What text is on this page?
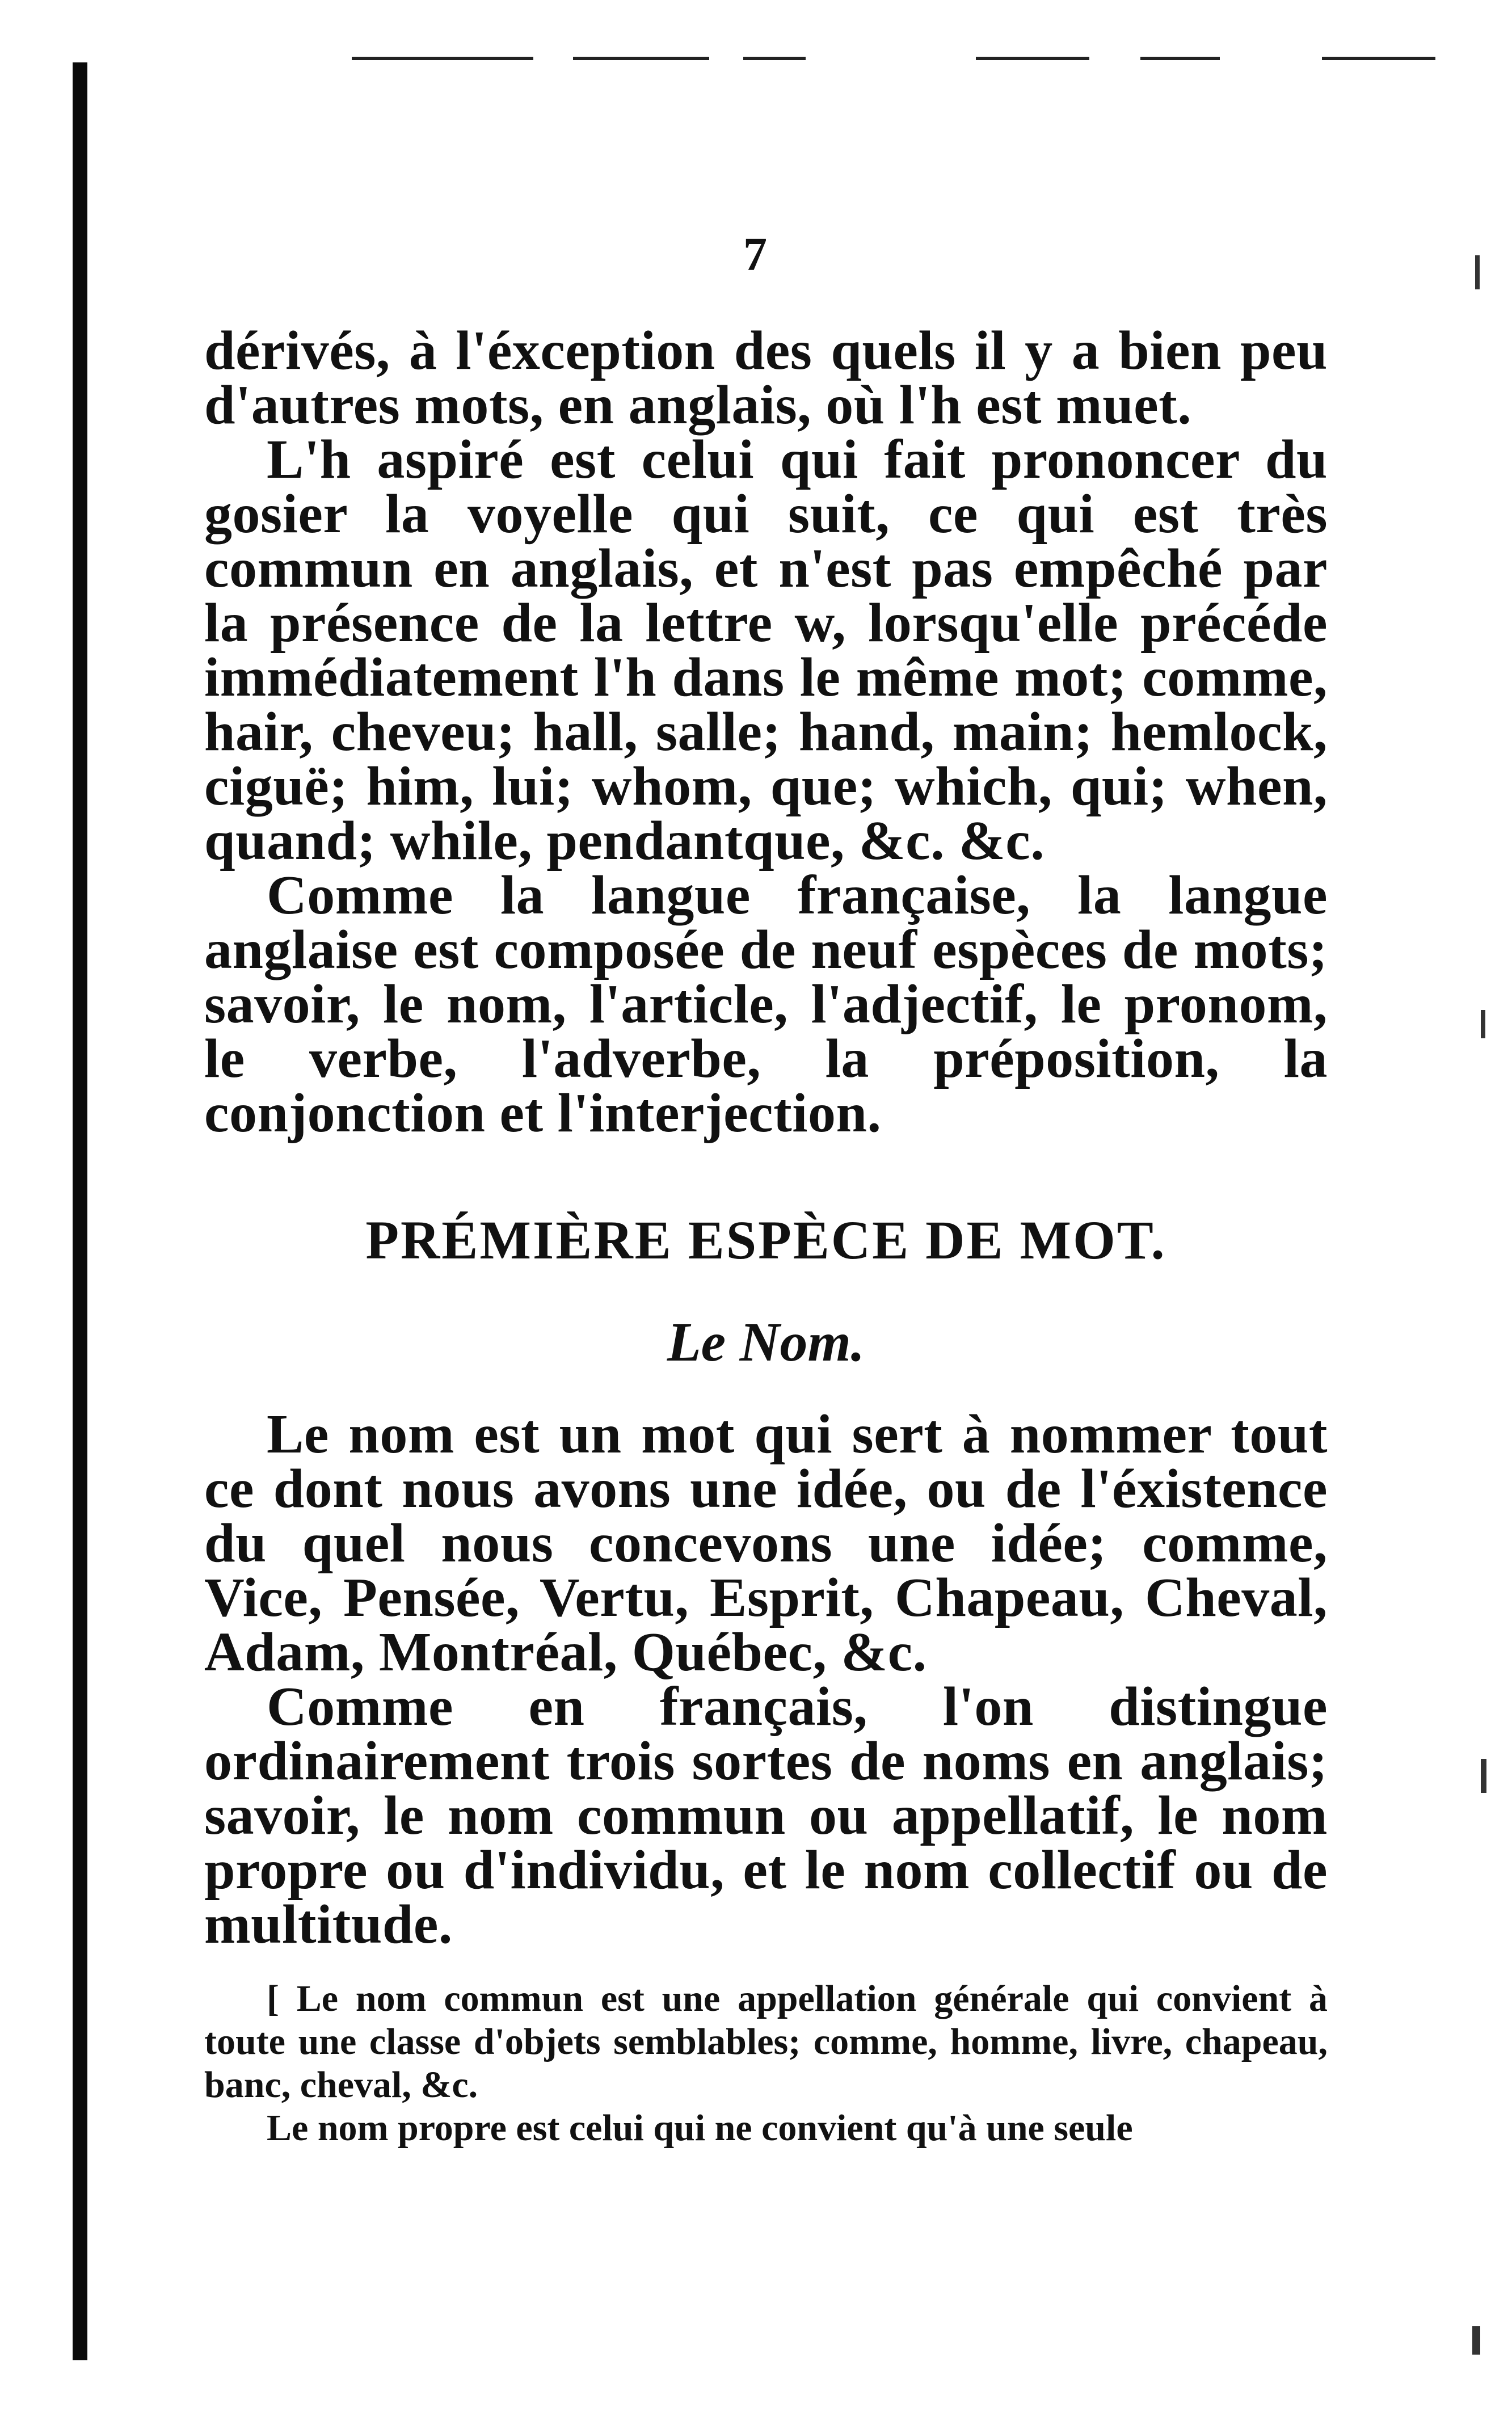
7

dérivés, à l'éxception des quels il y a bien peu d'autres mots, en anglais, où l'h est muet.

L'h aspiré est celui qui fait prononcer du gosier la voyelle qui suit, ce qui est très commun en anglais, et n'est pas empêché par la présence de la lettre w, lorsqu'elle précéde immédiatement l'h dans le même mot; comme, hair, cheveu; hall, salle; hand, main; hemlock, ciguë; him, lui; whom, que; which, qui; when, quand; while, pendantque, &c. &c.

Comme la langue française, la langue anglaise est composée de neuf espèces de mots; savoir, le nom, l'article, l'adjectif, le pronom, le verbe, l'adverbe, la préposition, la conjonction et l'interjection.

PRÉMIÈRE ESPÈCE DE MOT.
Le Nom.

Le nom est un mot qui sert à nommer tout ce dont nous avons une idée, ou de l'éxistence du quel nous concevons une idée; comme, Vice, Pensée, Vertu, Esprit, Chapeau, Cheval, Adam, Montréal, Québec, &c.

Comme en français, l'on distingue ordinairement trois sortes de noms en anglais; savoir, le nom commun ou appellatif, le nom propre ou d'individu, et le nom collectif ou de multitude.

[ Le nom commun est une appellation générale qui convient à toute une classe d'objets semblables; comme, homme, livre, chapeau, banc, cheval, &c.

Le nom propre est celui qui ne convient qu'à une seule
